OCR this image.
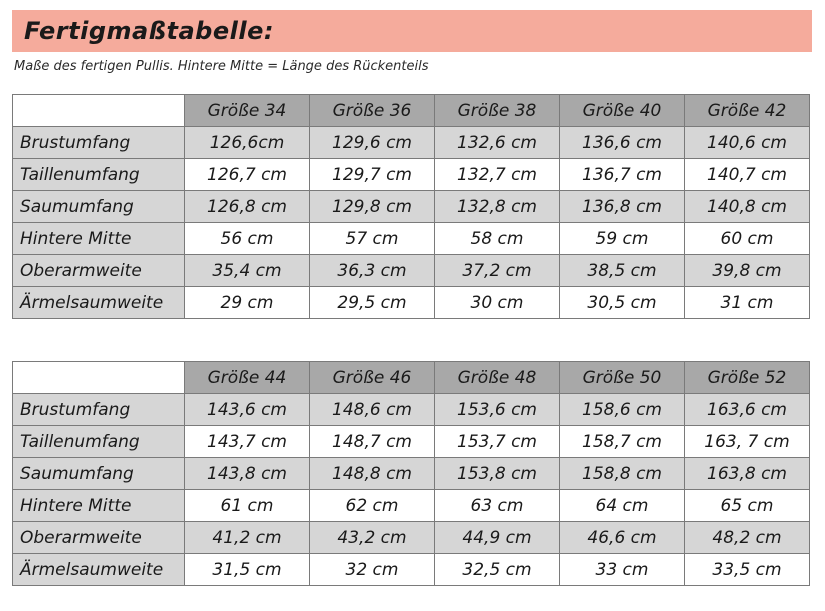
Fertigmaßtabelle:
Maße des fertigen Pullis. Hintere Mitte = Länge des Rückenteils
	Größe 34	Größe 36	Größe 38	Größe 40	Größe 42
Brustumfang	126,6cm	129,6 cm	132,6 cm	136,6 cm	140,6 cm
Taillenumfang	126,7 cm	129,7 cm	132,7 cm	136,7 cm	140,7 cm
Saumumfang	126,8 cm	129,8 cm	132,8 cm	136,8 cm	140,8 cm
Hintere Mitte	56 cm	57 cm	58 cm	59 cm	60 cm
Oberarmweite	35,4 cm	36,3 cm	37,2 cm	38,5 cm	39,8 cm
Ärmelsaumweite	29 cm	29,5 cm	30 cm	30,5 cm	31 cm
	Größe 44	Größe 46	Größe 48	Größe 50	Größe 52
Brustumfang	143,6 cm	148,6 cm	153,6 cm	158,6 cm	163,6 cm
Taillenumfang	143,7 cm	148,7 cm	153,7 cm	158,7 cm	163, 7 cm
Saumumfang	143,8 cm	148,8 cm	153,8 cm	158,8 cm	163,8 cm
Hintere Mitte	61 cm	62 cm	63 cm	64 cm	65 cm
Oberarmweite	41,2 cm	43,2 cm	44,9 cm	46,6 cm	48,2 cm
Ärmelsaumweite	31,5 cm	32 cm	32,5 cm	33 cm	33,5 cm
